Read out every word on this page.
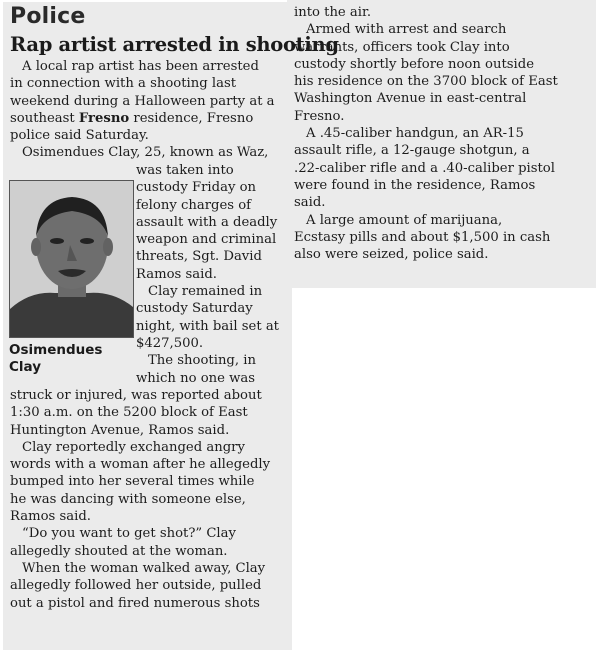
Police
Rap artist arrested in shooting
Osimendues
Clay
A local rap artist has been arrested
in connection with a shooting last
weekend during a Halloween party at a
southeast Fresno residence, Fresno
police said Saturday.
Osimendues Clay, 25, known as Waz,
was taken into
custody Friday on
felony charges of
assault with a deadly
weapon and criminal
threats, Sgt. David
Ramos said.
Clay remained in
custody Saturday
night, with bail set at
$427,500.
The shooting, in
which no one was
struck or injured, was reported about
1:30 a.m. on the 5200 block of East
Huntington Avenue, Ramos said.
Clay reportedly exchanged angry
words with a woman after he allegedly
bumped into her several times while
he was dancing with someone else,
Ramos said.
“Do you want to get shot?” Clay
allegedly shouted at the woman.
When the woman walked away, Clay
allegedly followed her outside, pulled
out a pistol and fired numerous shots
into the air.
Armed with arrest and search
warrants, officers took Clay into
custody shortly before noon outside
his residence on the 3700 block of East
Washington Avenue in east-central
Fresno.
A .45-caliber handgun, an AR-15
assault rifle, a 12-gauge shotgun, a
.22-caliber rifle and a .40-caliber pistol
were found in the residence, Ramos
said.
A large amount of marijuana,
Ecstasy pills and about $1,500 in cash
also were seized, police said.
